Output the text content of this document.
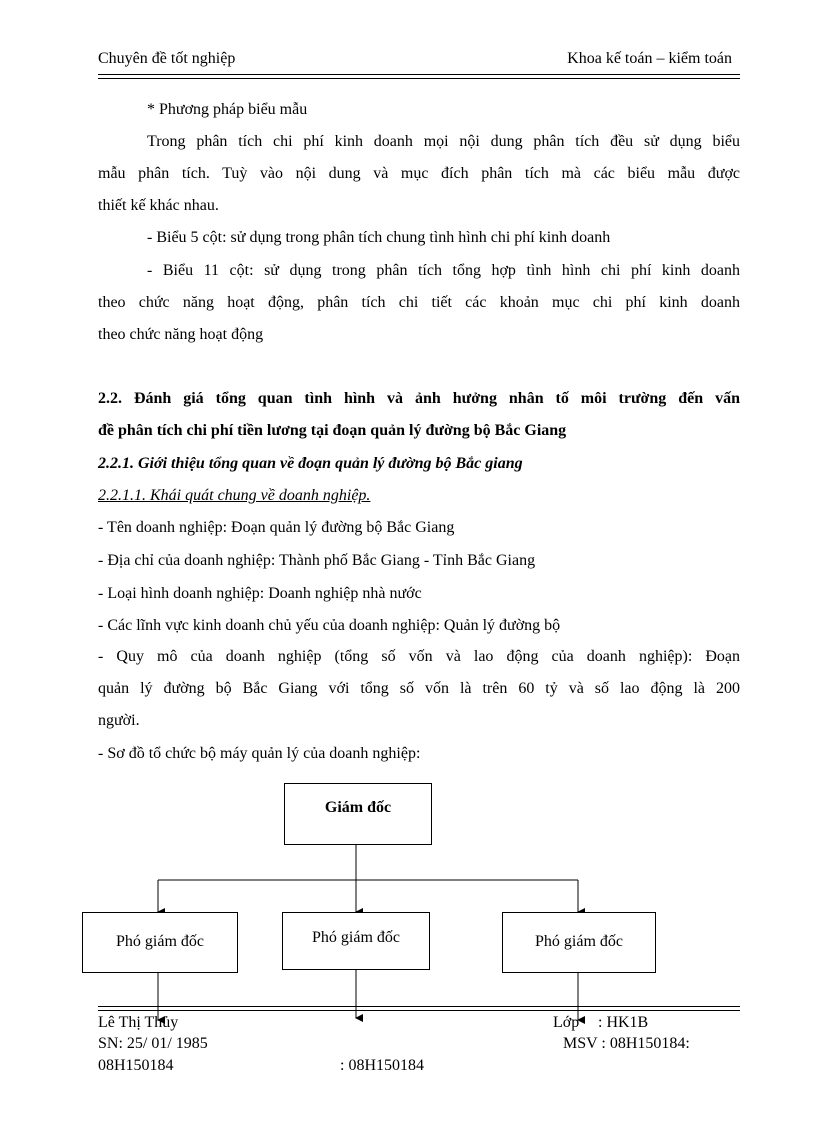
Chuyên đề tốt nghiệp	Khoa kế toán – kiểm toán
* Phương pháp biểu mẫu
Trong phân tích chi phí kinh doanh mọi nội dung phân tích đều sử dụng biểu
mẫu phân tích. Tuỳ vào nội dung và mục đích phân tích mà các biểu mẫu được
thiết kế khác nhau.
- Biểu 5 cột: sử dụng trong phân tích chung tình hình chi phí kinh doanh
- Biểu 11 cột: sử dụng trong phân tích tổng hợp tình hình chi phí kinh doanh
theo chức năng hoạt động, phân tích chi tiết các khoản mục chi phí kinh doanh
theo chức năng hoạt động
2.2. Đánh giá tổng quan tình hình và ảnh hưởng nhân tố môi trường đến vấn
đề phân tích chi phí tiền lương tại đoạn quản lý đường bộ Bắc Giang
2.2.1. Giới thiệu tổng quan về đoạn quản lý đường bộ Bắc giang
2.2.1.1. Khái quát chung về doanh nghiệp.
- Tên doanh nghiệp: Đoạn quản lý đường bộ Bắc Giang
- Địa chỉ của doanh nghiệp: Thành phố Bắc Giang - Tỉnh Bắc Giang
- Loại hình doanh nghiệp: Doanh nghiệp nhà nước
- Các lĩnh vực kinh doanh chủ yếu của doanh nghiệp: Quản lý đường bộ
- Quy mô của doanh nghiệp (tổng số vốn và lao động của doanh nghiệp): Đoạn
quản lý đường bộ Bắc Giang với tổng số vốn là trên 60 tỷ và số lao động là 200
người.
- Sơ đồ tổ chức bộ máy quản lý của doanh nghiệp:
Giám đốc
Phó giám đốc	Phó giám đốc	Phó giám đốc
Lê Thị Thủy	Lớp : HK1B
SN: 25/ 01/ 1985	MSV : 08H150184:
08H150184	: 08H150184
